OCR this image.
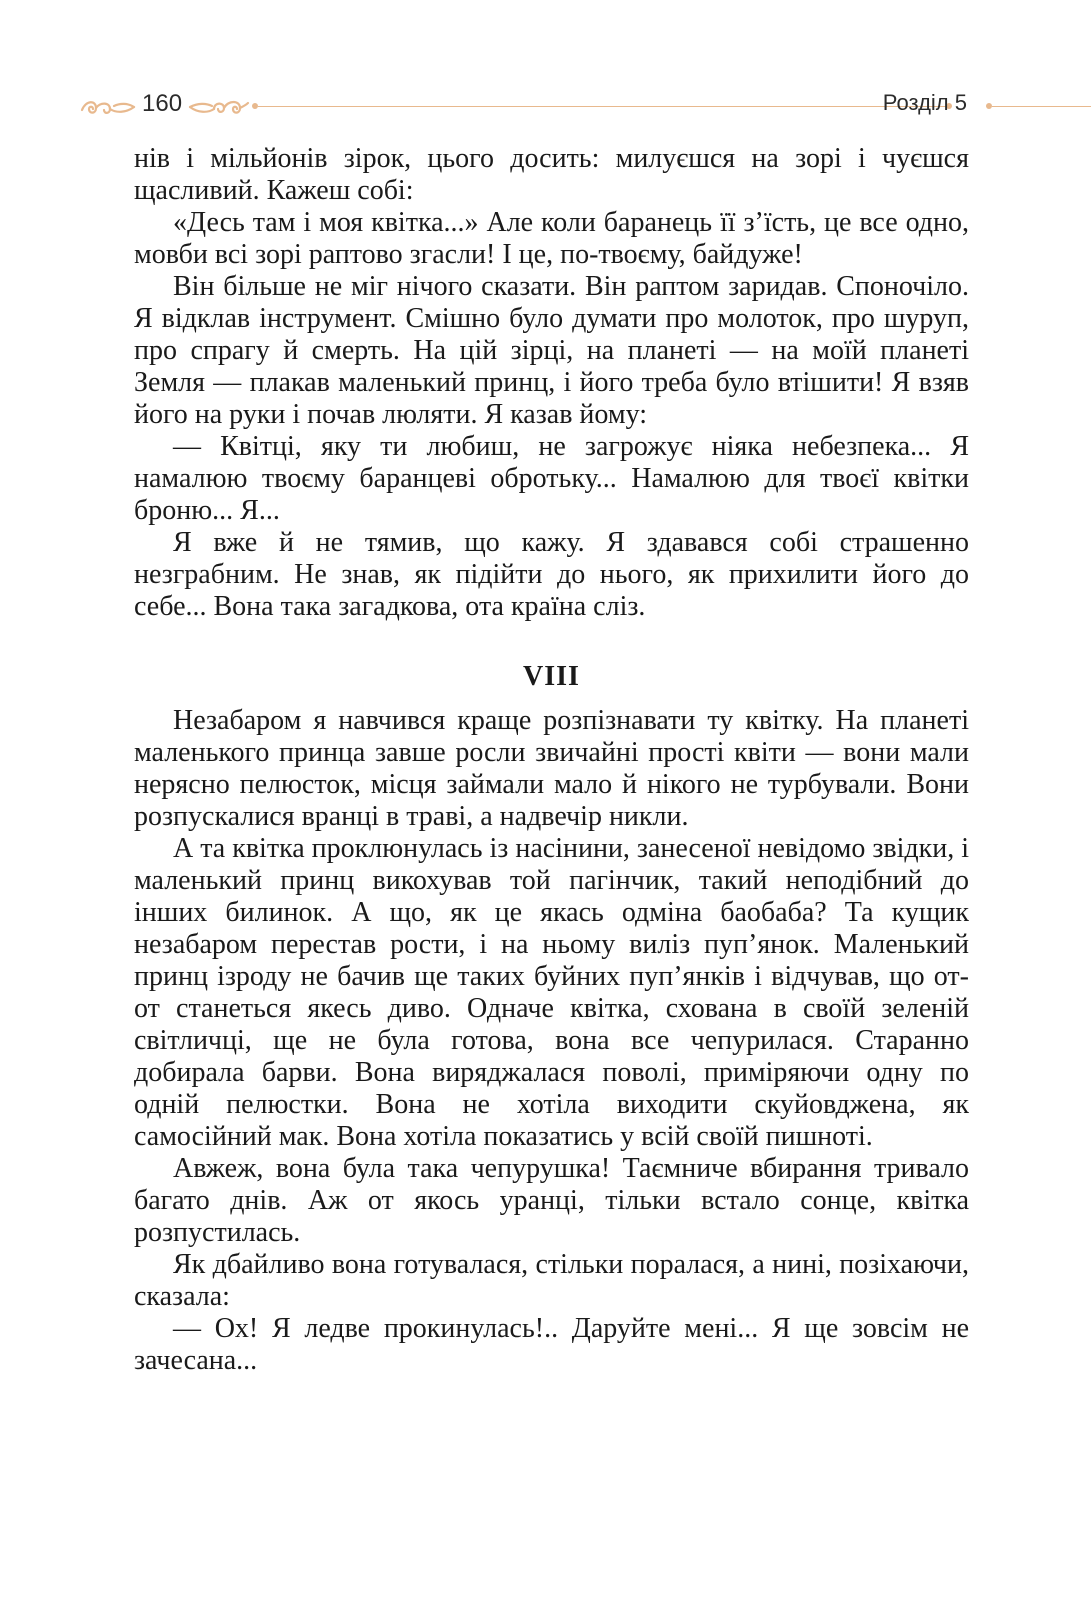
160	Розділ 5

нів і мільйонів зірок, цього досить: милуєшся на зорі і чуєшся щасливий. Кажеш собі:

«Десь там і моя квітка...» Але коли баранець її з’їсть, це все одно, мовби всі зорі раптово згасли! І це, по-твоєму, байдуже!

Він більше не міг нічого сказати. Він раптом заридав. Споночіло. Я відклав інструмент. Смішно було думати про молоток, про шуруп, про спрагу й смерть. На цій зірці, на планеті — на моїй планеті Земля — плакав маленький принц, і його треба було втішити! Я взяв його на руки і почав люляти. Я казав йому:

— Квітці, яку ти любиш, не загрожує ніяка небезпека... Я намалюю твоєму баранцеві обротьку... Намалюю для твоєї квітки броню... Я...

Я вже й не тямив, що кажу. Я здавався собі страшенно незграбним. Не знав, як підійти до нього, як прихилити його до себе... Вона така загадкова, ота країна сліз.

VIII

Незабаром я навчився краще розпізнавати ту квітку. На планеті маленького принца завше росли звичайні прості квіти — вони мали нерясно пелюсток, місця займали мало й нікого не турбували. Вони розпускалися вранці в траві, а надвечір никли.

А та квітка проклюнулась із насінини, занесеної невідомо звідки, і маленький принц викохував той пагінчик, такий неподібний до інших билинок. А що, як це якась одміна баобаба? Та кущик незабаром перестав рости, і на ньому виліз пуп’янок. Маленький принц ізроду не бачив ще таких буйних пуп’янків і відчував, що от-от станеться якесь диво. Одначе квітка, схована в своїй зеленій світличці, ще не була готова, вона все чепурилася. Старанно добирала барви. Вона виряджалася поволі, приміряючи одну по одній пелюстки. Вона не хотіла виходити скуйовджена, як самосійний мак. Вона хотіла показатись у всій своїй пишноті.

Авжеж, вона була така чепурушка! Таємниче вбирання тривало багато днів. Аж от якось уранці, тільки встало сонце, квітка розпустилась.

Як дбайливо вона готувалася, стільки поралася, а нині, позіхаючи, сказала:

— Ох! Я ледве прокинулась!.. Даруйте мені... Я ще зовсім не зачесана...
